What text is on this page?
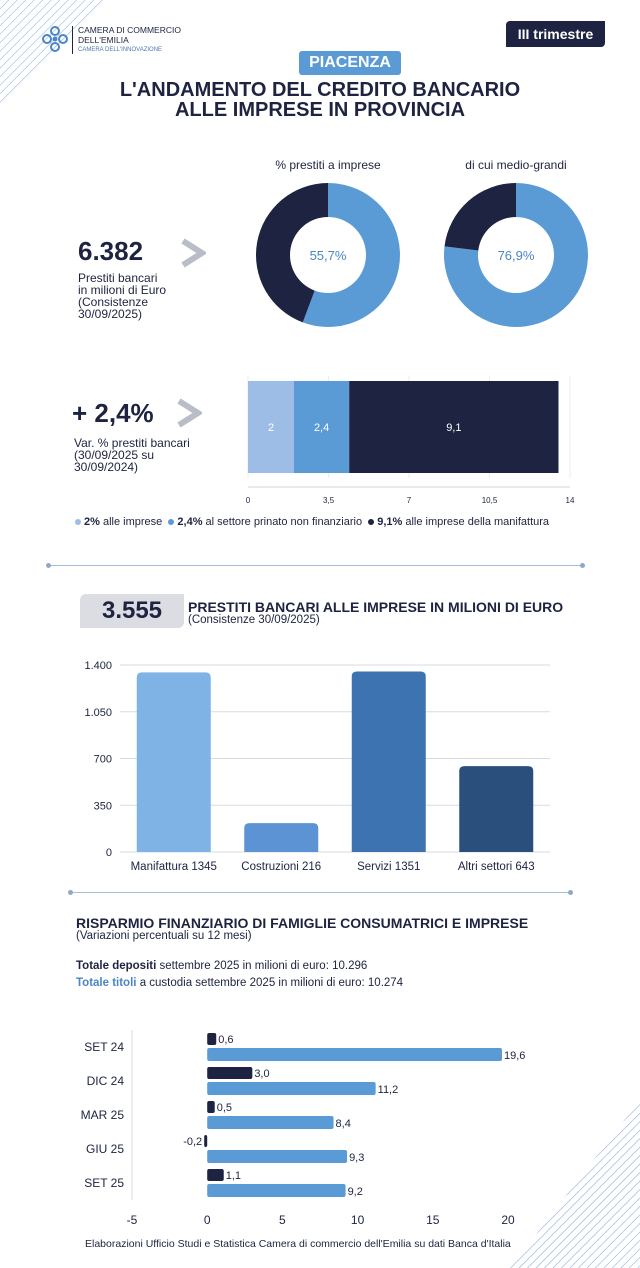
CAMERA DI COMMERCIO
DELL'EMILIA
CAMERA DELL'INNOVAZIONE
III trimestre
PIACENZA
L'ANDAMENTO DEL CREDITO BANCARIO
ALLE IMPRESE IN PROVINCIA
% prestiti a imprese	di cui medio-grandi
55,7%	76,9%
6.382
Prestiti bancari
in milioni di Euro
(Consistenze
30/09/2025)
+ 2,4%
Var. % prestiti bancari
(30/09/2025 su
30/09/2024)
0	3,5	7	10,5	14
2	2,4	9,1
2% alle imprese 2,4% al settore prinato non finanziario 9,1% alle imprese della manifattura
3.555	PRESTITI BANCARI ALLE IMPRESE IN MILIONI DI EURO
(Consistenze 30/09/2025)
0
350
700
1.050
1.400
Manifattura 1345 Costruzioni 216	Servizi 1351	Altri settori 643
RISPARMIO FINANZIARIO DI FAMIGLIE CONSUMATRICI E IMPRESE
(Variazioni percentuali su 12 mesi)
Totale depositi settembre 2025 in milioni di euro: 10.296
Totale titoli a custodia settembre 2025 in milioni di euro: 10.274
-5	0	5	10	15	20
SET 24	0,6
19,6
DIC 24	3,0
11,2
MAR 25	0,5
8,4
GIU 25	-0,2
9,3
SET 25	1,1
9,2
Elaborazioni Ufficio Studi e Statistica Camera di commercio dell'Emilia su dati Banca d'Italia
